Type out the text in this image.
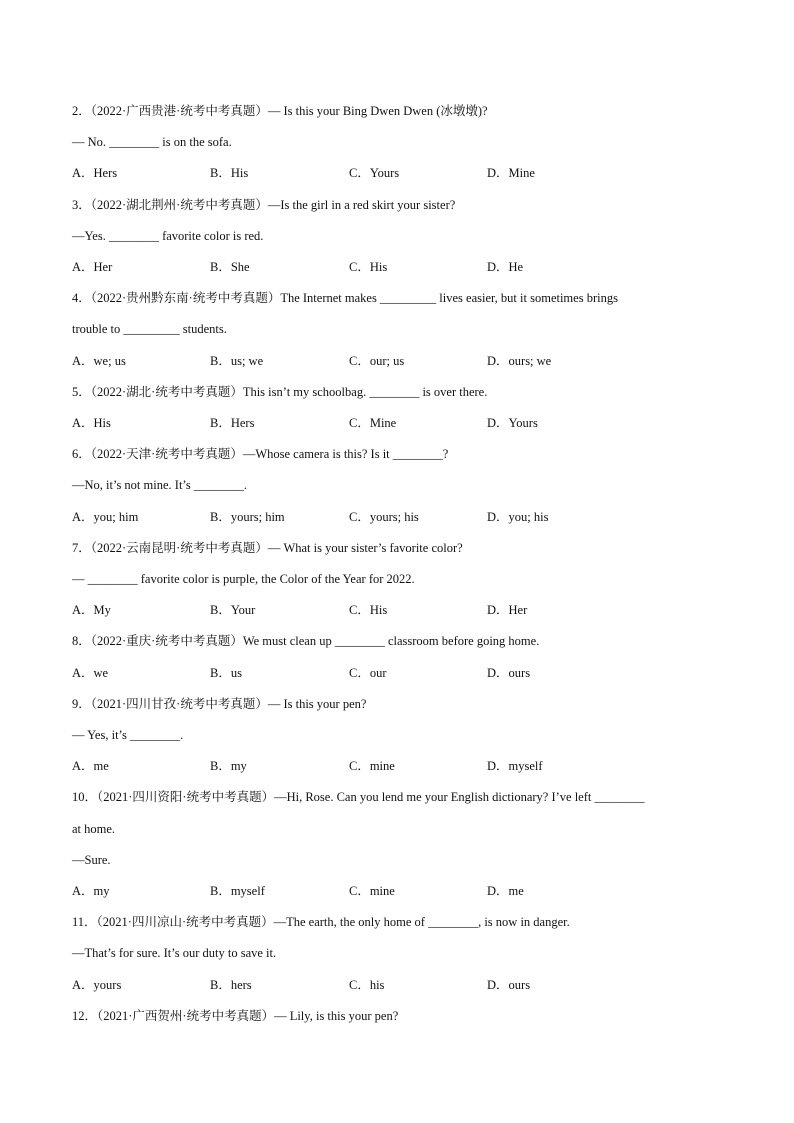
2．（2022·广西贵港·统考中考真题）— Is this your Bing Dwen Dwen (冰墩墩)?
— No. ________ is on the sofa.
A．Hers	B．His	C．Yours	D．Mine
3．（2022·湖北荆州·统考中考真题）—Is the girl in a red skirt your sister?
—Yes. ________ favorite color is red.
A．Her	B．She	C．His	D．He
4．（2022·贵州黔东南·统考中考真题）The Internet makes _________ lives easier, but it sometimes brings
trouble to _________ students.
A．we; us	B．us; we	C．our; us	D．ours; we
5．（2022·湖北·统考中考真题）This isn’t my schoolbag. ________ is over there.
A．His	B．Hers	C．Mine	D．Yours
6．（2022·天津·统考中考真题）—Whose camera is this? Is it ________?
—No, it’s not mine. It’s ________.
A．you; him	B．yours; him	C．yours; his	D．you; his
7．（2022·云南昆明·统考中考真题）— What is your sister’s favorite color?
— ________ favorite color is purple, the Color of the Year for 2022.
A．My	B．Your	C．His	D．Her
8．（2022·重庆·统考中考真题）We must clean up ________ classroom before going home.
A．we	B．us	C．our	D．ours
9．（2021·四川甘孜·统考中考真题）— Is this your pen?
— Yes, it’s ________.
A．me	B．my	C．mine	D．myself
10．（2021·四川资阳·统考中考真题）—Hi, Rose. Can you lend me your English dictionary? I’ve left ________
at home.
—Sure.
A．my	B．myself	C．mine	D．me
11．（2021·四川凉山·统考中考真题）—The earth, the only home of ________, is now in danger.
—That’s for sure. It’s our duty to save it.
A．yours	B．hers	C．his	D．ours
12．（2021·广西贺州·统考中考真题）— Lily, is this your pen?
